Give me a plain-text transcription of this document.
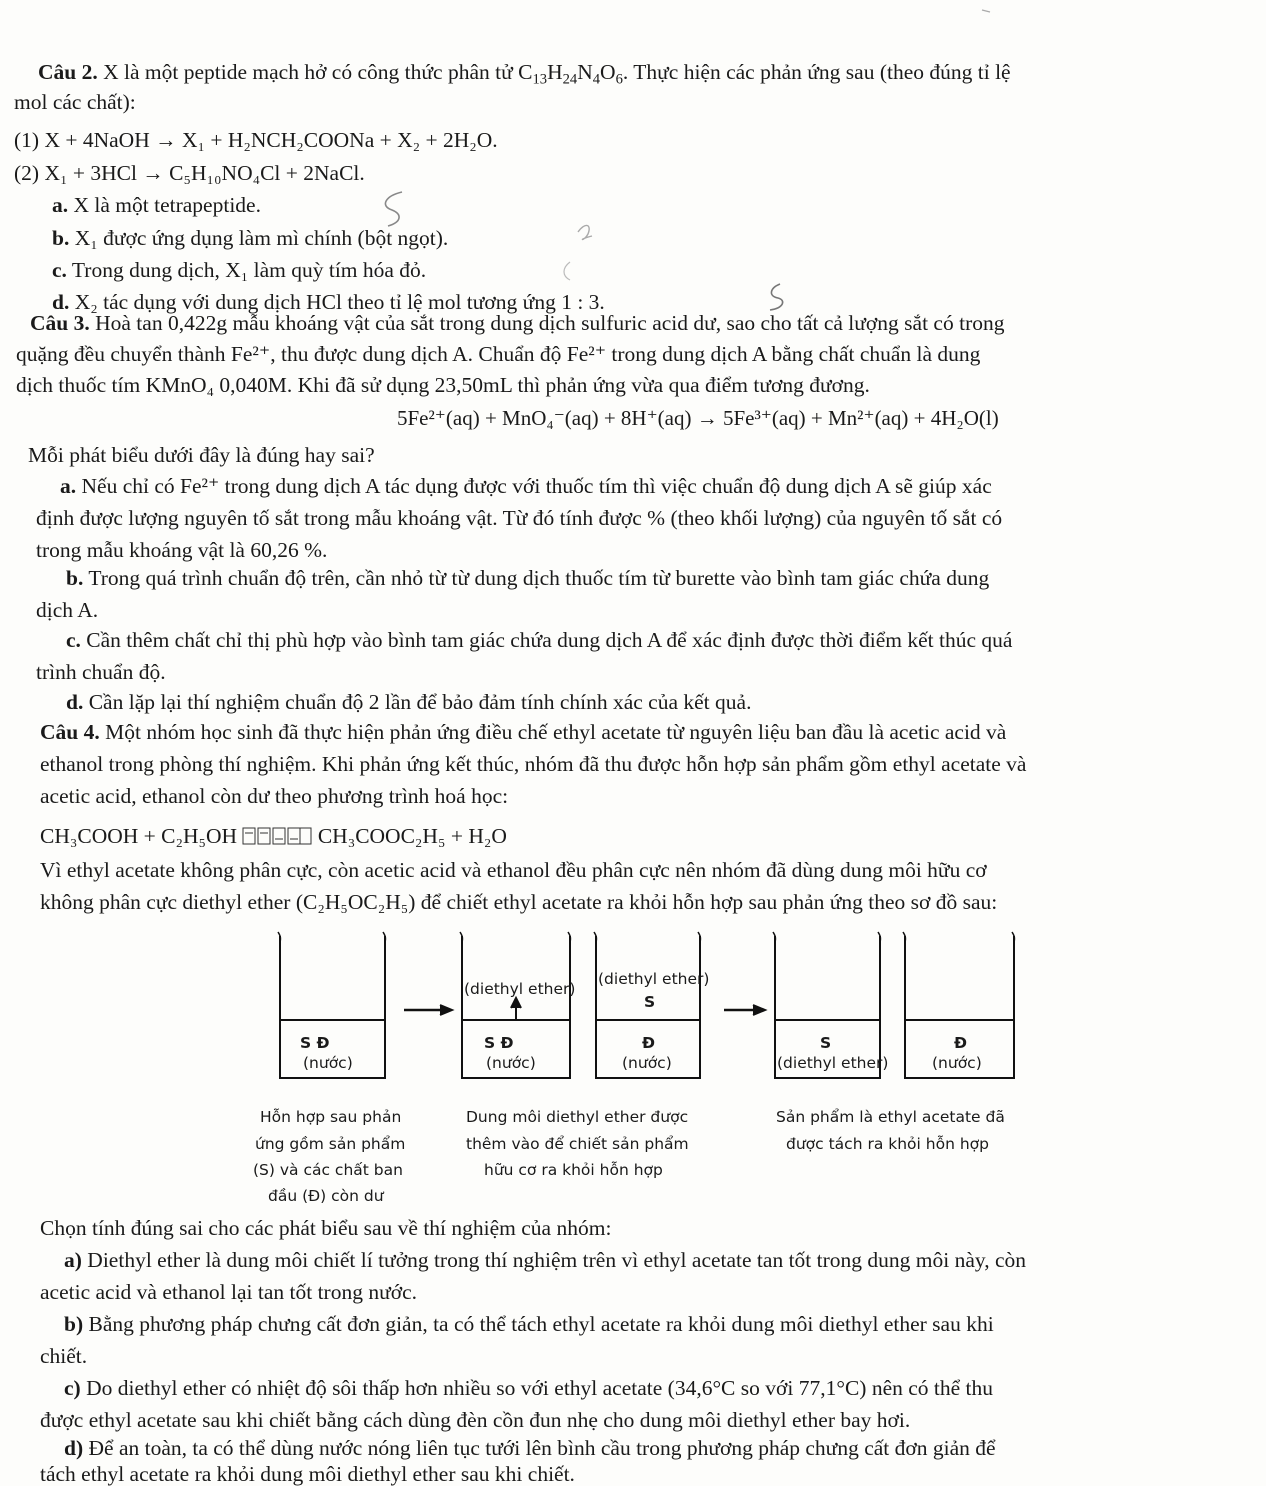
Câu 2. X là một peptide mạch hở có công thức phân tử $C_{13}H_{24}N_4O_6$. Thực hiện các phản ứng sau (theo đúng tỉ lệ
mol các chất):
(1) X + 4NaOH → X₁ + H₂NCH₂COONa + X₂ + 2H₂O.
(2) X₁ + 3HCl → C₅H₁₀NO₄Cl + 2NaCl.
a. X là một tetrapeptide.
b. X₁ được ứng dụng làm mì chính (bột ngọt).
c. Trong dung dịch, X₁ làm quỳ tím hóa đỏ.
d. X₂ tác dụng với dung dịch HCl theo tỉ lệ mol tương ứng 1 : 3.
Câu 3. Hoà tan 0,422g mẫu khoáng vật của sắt trong dung dịch sulfuric acid dư, sao cho tất cả lượng sắt có trong
quặng đều chuyển thành Fe²⁺, thu được dung dịch A. Chuẩn độ Fe²⁺ trong dung dịch A bằng chất chuẩn là dung
dịch thuốc tím KMnO₄ 0,040M. Khi đã sử dụng 23,50mL thì phản ứng vừa qua điểm tương đương.
5Fe²⁺(aq) + MnO₄⁻(aq) + 8H⁺(aq) → 5Fe³⁺(aq) + Mn²⁺(aq) + 4H₂O(l)
Mỗi phát biểu dưới đây là đúng hay sai?
a. Nếu chỉ có Fe²⁺ trong dung dịch A tác dụng được với thuốc tím thì việc chuẩn độ dung dịch A sẽ giúp xác
định được lượng nguyên tố sắt trong mẫu khoáng vật. Từ đó tính được % (theo khối lượng) của nguyên tố sắt có
trong mẫu khoáng vật là 60,26 %.
b. Trong quá trình chuẩn độ trên, cần nhỏ từ từ dung dịch thuốc tím từ burette vào bình tam giác chứa dung
dịch A.
c. Cần thêm chất chỉ thị phù hợp vào bình tam giác chứa dung dịch A để xác định được thời điểm kết thúc quá
trình chuẩn độ.
d. Cần lặp lại thí nghiệm chuẩn độ 2 lần để bảo đảm tính chính xác của kết quả.
Câu 4. Một nhóm học sinh đã thực hiện phản ứng điều chế ethyl acetate từ nguyên liệu ban đầu là acetic acid và
ethanol trong phòng thí nghiệm. Khi phản ứng kết thúc, nhóm đã thu được hỗn hợp sản phẩm gồm ethyl acetate và
acetic acid, ethanol còn dư theo phương trình hoá học:
CH₃COOH + C₂H₅OH	CH₃COOC₂H₅ + H₂O
Vì ethyl acetate không phân cực, còn acetic acid và ethanol đều phân cực nên nhóm đã dùng dung môi hữu cơ
không phân cực diethyl ether (C₂H₅OC₂H₅) để chiết ethyl acetate ra khỏi hỗn hợp sau phản ứng theo sơ đồ sau:
S Đ
(nước)
(diethyl ether)
S Đ
(nước)
(diethyl ether)
S
Đ
(nước)
S
(diethyl ether)
Đ
(nước)
Hỗn hợp sau phản
ứng gồm sản phẩm
(S) và các chất ban
đầu (Đ) còn dư
Dung môi diethyl ether được
thêm vào để chiết sản phẩm
hữu cơ ra khỏi hỗn hợp
Sản phẩm là ethyl acetate đã
được tách ra khỏi hỗn hợp
Chọn tính đúng sai cho các phát biểu sau về thí nghiệm của nhóm:
a) Diethyl ether là dung môi chiết lí tưởng trong thí nghiệm trên vì ethyl acetate tan tốt trong dung môi này, còn
acetic acid và ethanol lại tan tốt trong nước.
b) Bằng phương pháp chưng cất đơn giản, ta có thể tách ethyl acetate ra khỏi dung môi diethyl ether sau khi
chiết.
c) Do diethyl ether có nhiệt độ sôi thấp hơn nhiều so với ethyl acetate (34,6°C so với 77,1°C) nên có thể thu
được ethyl acetate sau khi chiết bằng cách dùng đèn cồn đun nhẹ cho dung môi diethyl ether bay hơi.
d) Để an toàn, ta có thể dùng nước nóng liên tục tưới lên bình cầu trong phương pháp chưng cất đơn giản để
tách ethyl acetate ra khỏi dung môi diethyl ether sau khi chiết.
